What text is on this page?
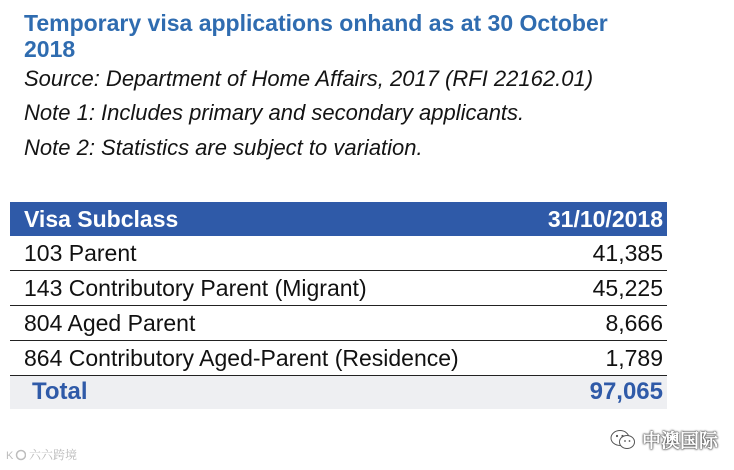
Temporary visa applications onhand as at 30 October 2018
Source: Department of Home Affairs, 2017 (RFI 22162.01)
Note 1: Includes primary and secondary applicants.
Note 2: Statistics are subject to variation.
Visa Subclass	31/10/2018
103 Parent	41,385
143 Contributory Parent (Migrant)	45,225
804 Aged Parent	8,666
864 Contributory Aged-Parent (Residence)	1,789
Total	97,065
K 六六跨境
中澳国际
